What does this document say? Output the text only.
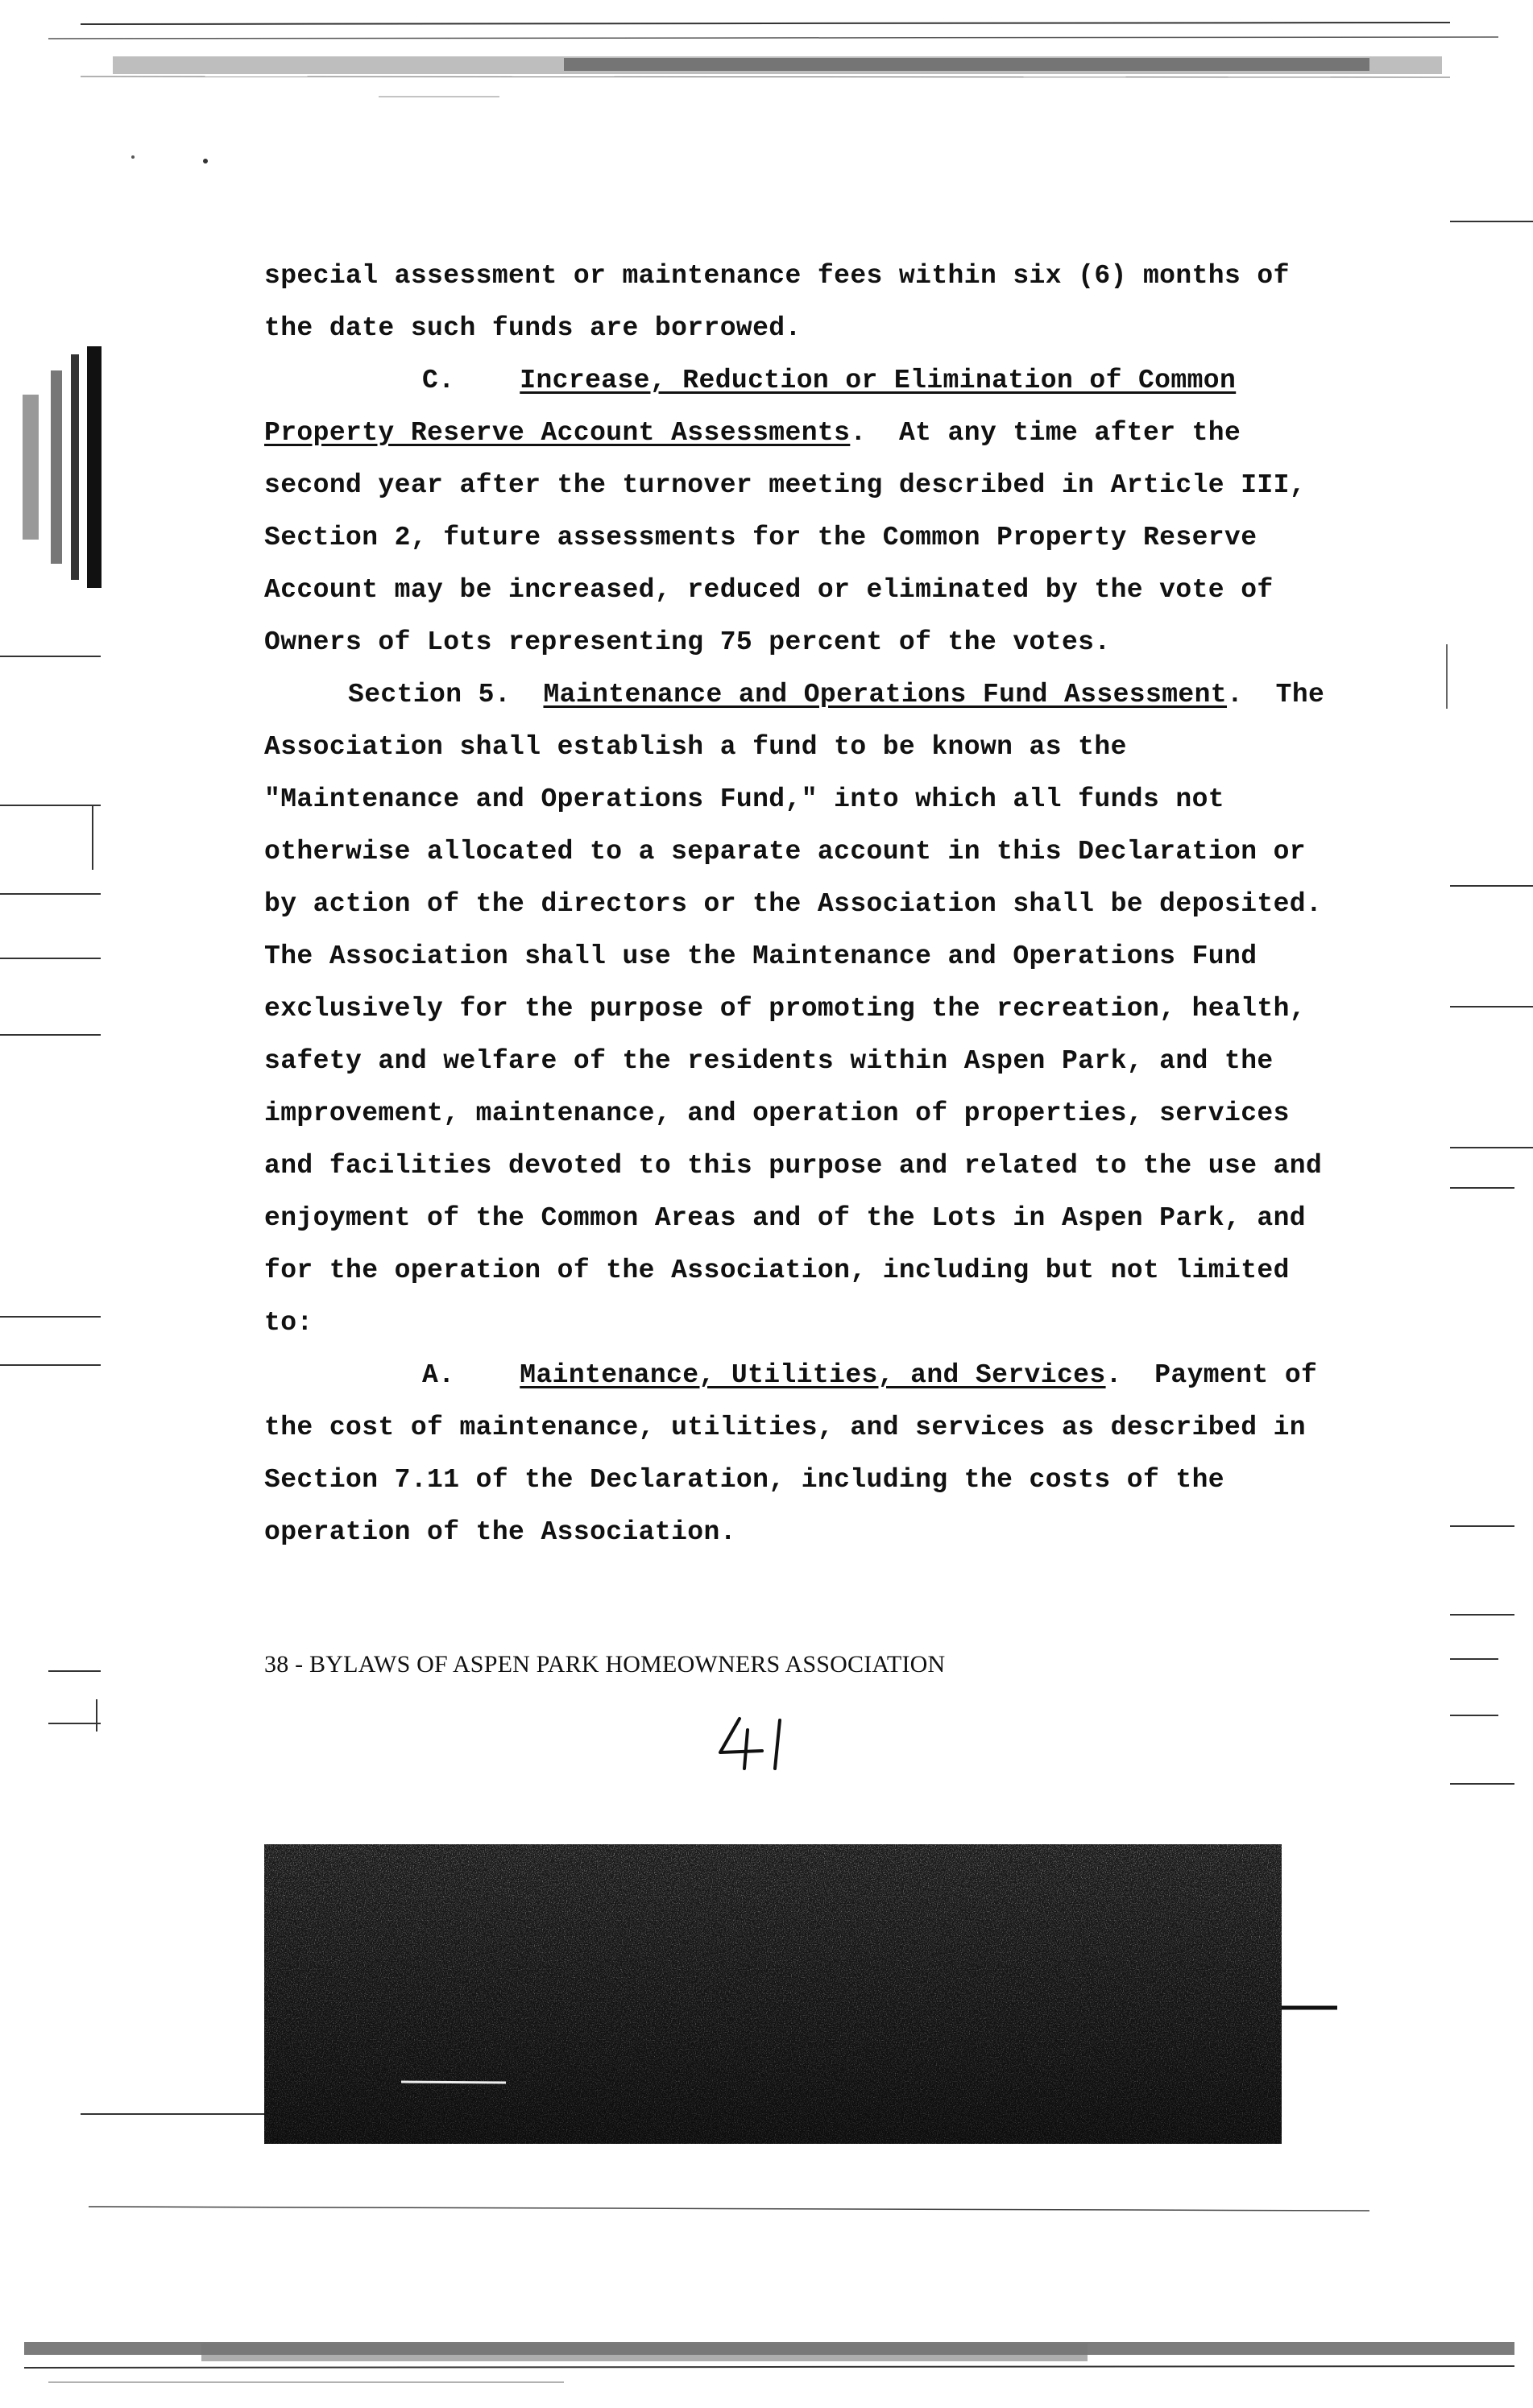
special assessment or maintenance fees within six (6) months of
the date such funds are borrowed.
C. Increase, Reduction or Elimination of Common
Property Reserve Account Assessments.  At any time after the
second year after the turnover meeting described in Article III,
Section 2, future assessments for the Common Property Reserve
Account may be increased, reduced or eliminated by the vote of
Owners of Lots representing 75 percent of the votes.
Section 5. Maintenance and Operations Fund Assessment.  The
Association shall establish a fund to be known as the
"Maintenance and Operations Fund," into which all funds not
otherwise allocated to a separate account in this Declaration or
by action of the directors or the Association shall be deposited.
The Association shall use the Maintenance and Operations Fund
exclusively for the purpose of promoting the recreation, health,
safety and welfare of the residents within Aspen Park, and the
improvement, maintenance, and operation of properties, services
and facilities devoted to this purpose and related to the use and
enjoyment of the Common Areas and of the Lots in Aspen Park, and
for the operation of the Association, including but not limited
to:
A. Maintenance, Utilities, and Services.  Payment of
the cost of maintenance, utilities, and services as described in
Section 7.11 of the Declaration, including the costs of the
operation of the Association.
38 - BYLAWS OF ASPEN PARK HOMEOWNERS ASSOCIATION
